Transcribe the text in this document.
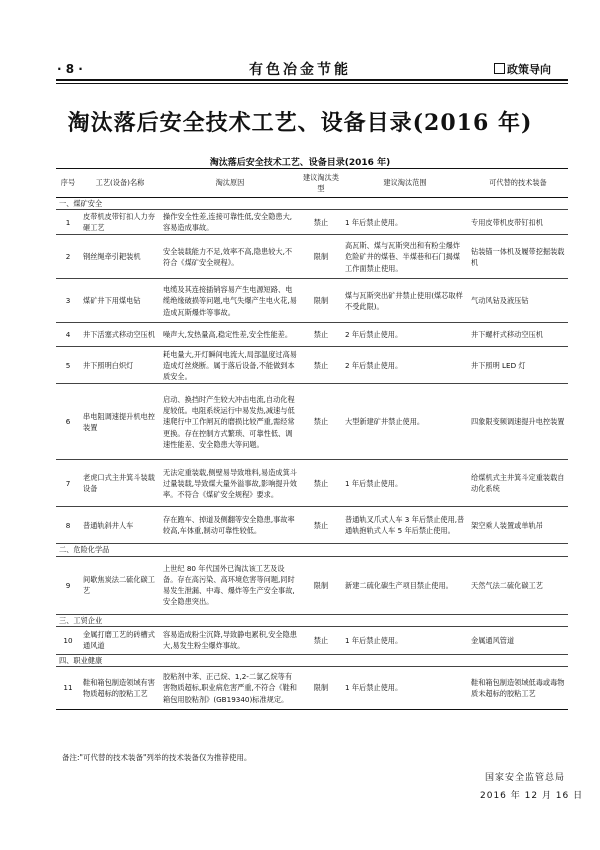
· 8 ·	有色冶金节能	政策导向
淘汰落后安全技术工艺、设备目录(2016 年)
淘汰落后安全技术工艺、设备目录(2016 年)
序号	工艺(设备)名称	淘汰原因	建议淘汰类型	建议淘汰范围	可代替的技术装备
一、煤矿安全					
1	皮带机皮带钉扣人力夯砸工艺	操作安全性差,连接可靠性低,安全隐患大,容易造成事故。	禁止	1 年后禁止使用。	专用皮带机皮带钉扣机
2	钢丝绳牵引耙装机	安全装载能力不足,效率不高,隐患较大,不符合《煤矿安全规程》。	限制	高瓦斯、煤与瓦斯突出和有粉尘爆炸危险矿井的煤巷、半煤巷和石门揭煤工作面禁止使用。	钻装锚一体机及履带挖掘装载机
3	煤矿井下用煤电钻	电缆及其连接插销容易产生电源短路、电缆绝缘破损等问题,电气失爆产生电火花,易造成瓦斯爆炸等事故。	限制	煤与瓦斯突出矿井禁止使用(煤芯取样不受此限)。	气动风钻及液压钻
4	井下活塞式移动空压机	噪声大,发热量高,稳定性差,安全性能差。	禁止	2 年后禁止使用。	井下螺杆式移动空压机
5	井下照明白炽灯	耗电量大,开灯瞬间电流大,局部温度过高易造成灯丝烧断。属于落后设备,不能做到本质安全。	禁止	2 年后禁止使用。	井下照明 LED 灯
6	串电阻调速提升机电控装置	启动、换挡时产生较大冲击电流,自动化程度较低。电阻系统运行中易发热,减速与低速爬行中工作闸瓦的磨损比较严重,需经常更换。存在控制方式繁琐、可靠性低、调速性能差、安全隐患大等问题。	禁止	大型新建矿井禁止使用。	四象限变频调速提升电控装置
7	老虎口式主井箕斗装载设备	无法定重装载,侧壁易导致堆料,易造成箕斗过量装载,导致煤大量外溢事故,影响提升效率。不符合《煤矿安全规程》要求。	禁止	1 年后禁止使用。	给煤机式主井箕斗定重装载自动化系统
8	普通轨斜井人车	存在跑车、掉道及侧翻等安全隐患,事故率较高,车体重,制动可靠性较低。	禁止	普通轨叉爪式人车 3 年后禁止使用,普通轨抱轨式人车 5 年后禁止使用。	架空乘人装置或单轨吊
二、危险化学品					
9	间歇焦炭法二硫化碳工艺	上世纪 80 年代国外已淘汰该工艺及设备。存在高污染、高环境危害等问题,同时易发生泄漏、中毒、爆炸等生产安全事故,安全隐患突出。	限制	新建二硫化碳生产项目禁止使用。	天然气法二硫化碳工艺
三、工贸企业					
10	金属打磨工艺的砖槽式通风道	容易造成粉尘沉降,导致静电累积,安全隐患大,易发生粉尘爆炸事故。	禁止	1 年后禁止使用。	金属通风管道
四、职业健康					
11	鞋和箱包制造领域有害物质超标的胶粘工艺	胶粘剂中苯、正己烷、1,2-二氯乙烷等有害物质超标,职业病危害严重,不符合《鞋和箱包用胶粘剂》(GB19340)标准规定。	限制	1 年后禁止使用。	鞋和箱包制造领域低毒或毒物质未超标的胶粘工艺
备注:"可代替的技术装备"列举的技术装备仅为推荐使用。
国家安全监管总局
2016 年 12 月 16 日
